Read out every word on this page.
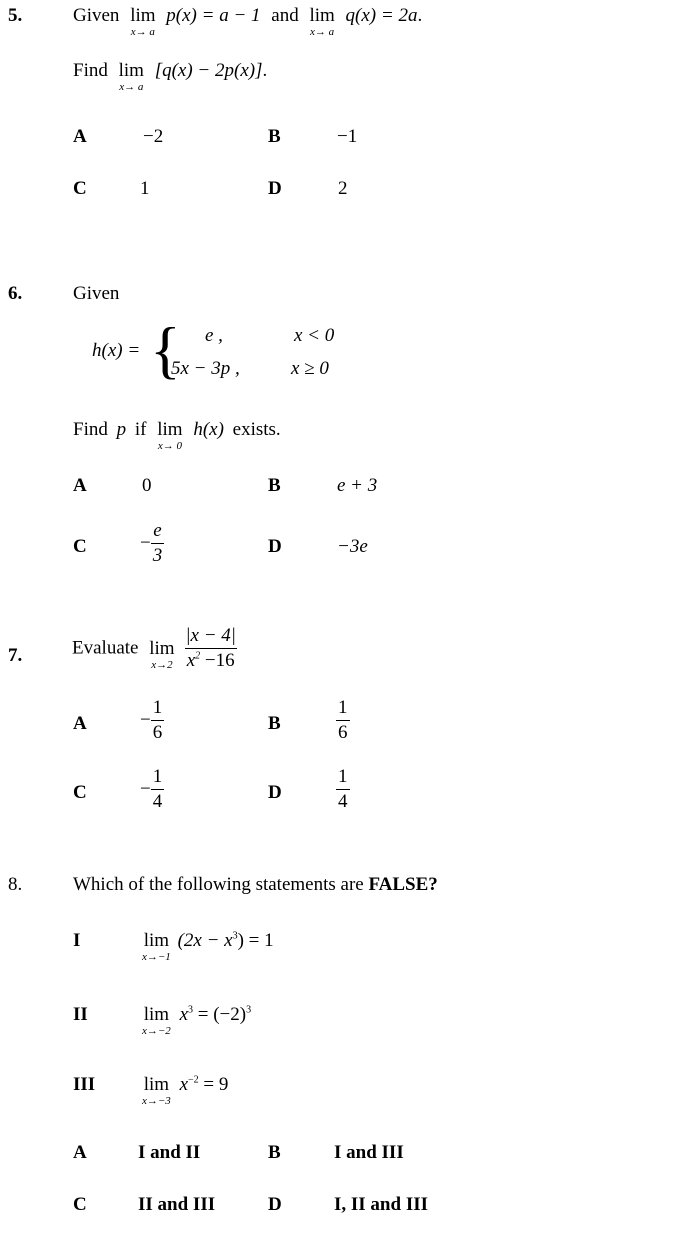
5.	Given lim
x→ a
p(x) = a − 1 and lim
x→ a
q(x) = 2a.
Find lim
x→ a
[q(x) − 2p(x)].
A	−2	B	−1
C	1	D	2
6.	Given
h(x) = { e ,	x < 0
5x − 3p ,	x ≥ 0
Find p if lim
x→ 0
h(x) exists.
A	0	B	e + 3
C	− $\frac{e}{3}$	D	−3e
7.	Evaluate lim
x→2
$\frac{|x - 4|}{x^2 -16}$
A	− $\frac{1}{6}$	B	$\frac{1}{6}$
C	− $\frac{1}{4}$	D	$\frac{1}{4}$
8.	Which of the following statements are FALSE?
I	lim
x→−1
$(2x - x^3) = 1$
II	lim
x→−2
$x^3 = (-2)^3$
III	lim
x→−3
$x^{-2} = 9$
A	I and II	B	I and III
C	II and III	D	I, II and III
